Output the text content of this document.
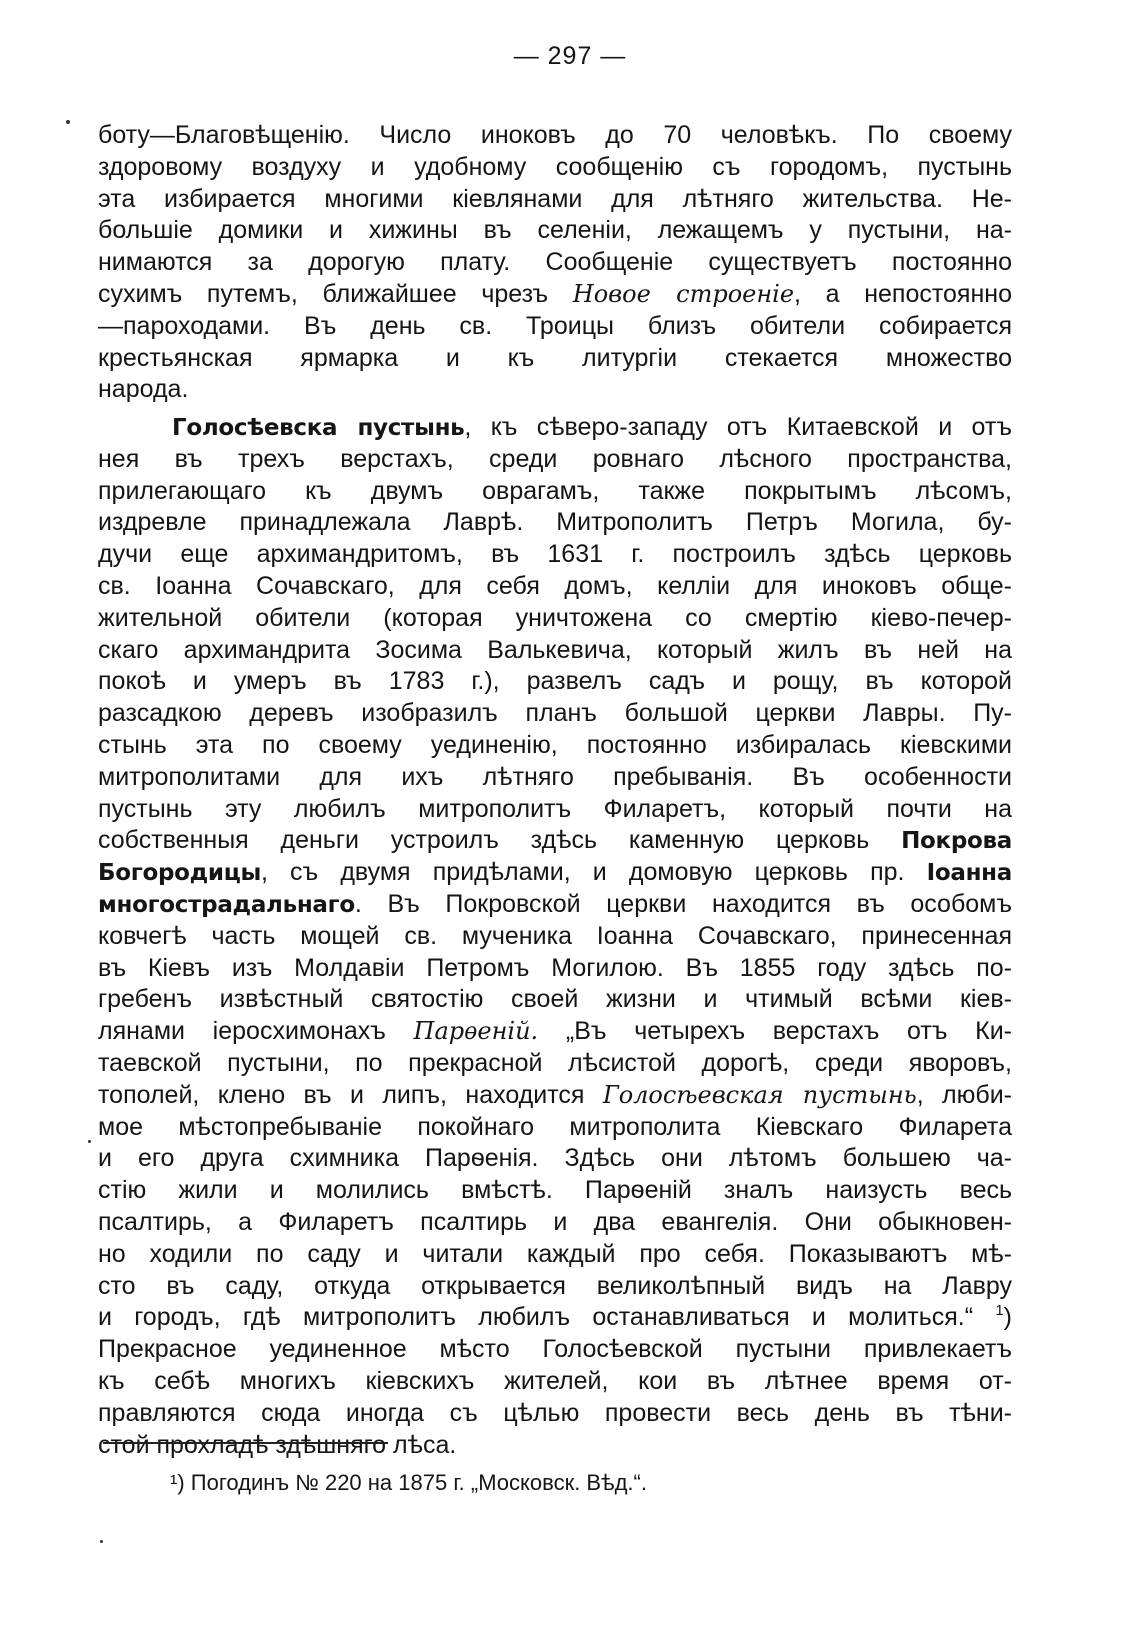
— 297 —
боту—Благовѣщенію. Число иноковъ до 70 человѣкъ. По своему
здоровому воздуху и удобному сообщенію съ городомъ, пустынь
эта избирается многими кіевлянами для лѣтняго жительства. Не-
большіе домики и хижины въ селеніи, лежащемъ у пустыни, на-
нимаются за дорогую плату. Сообщеніе существуетъ постоянно
сухимъ путемъ, ближайшее чрезъ Новое строеніе, а непостоянно
—пароходами. Въ день св. Троицы близъ обители собирается
крестьянская ярмарка и къ литургіи стекается множество
народа.
Голосѣевска пустынь, къ сѣверо-западу отъ Китаевской и отъ
нея въ трехъ верстахъ, среди ровнаго лѣсного пространства,
прилегающаго къ двумъ оврагамъ, также покрытымъ лѣсомъ,
издревле принадлежала Лаврѣ. Митрополитъ Петръ Могила, бу-
дучи еще архимандритомъ, въ 1631 г. построилъ здѣсь церковь
св. Іоанна Сочавскаго, для себя домъ, келліи для иноковъ обще-
жительной обители (которая уничтожена со смертію кіево-печер-
скаго архимандрита Зосима Валькевича, который жилъ въ ней на
покоѣ и умеръ въ 1783 г.), развелъ садъ и рощу, въ которой
разсадкою деревъ изобразилъ планъ большой церкви Лавры. Пу-
стынь эта по своему уединенію, постоянно избиралась кіевскими
митрополитами для ихъ лѣтняго пребыванія. Въ особенности
пустынь эту любилъ митрополитъ Филаретъ, который почти на
собственныя деньги устроилъ здѣсь каменную церковь Покрова
Богородицы, съ двумя придѣлами, и домовую церковь пр. Іоанна
многострадальнаго. Въ Покровской церкви находится въ особомъ
ковчегѣ часть мощей св. мученика Іоанна Сочавскаго, принесенная
въ Кіевъ изъ Молдавіи Петромъ Могилою. Въ 1855 году здѣсь по-
гребенъ извѣстный святостію своей жизни и чтимый всѣми кіев-
лянами іеросхимонахъ Парѳеній. „Въ четырехъ верстахъ отъ Ки-
таевской пустыни, по прекрасной лѣсистой дорогѣ, среди яворовъ,
тополей, клено въ и липъ, находится Голосѣевская пустынь, люби-
мое мѣстопребываніе покойнаго митрополита Кіевскаго Филарета
и его друга схимника Парѳенія. Здѣсь они лѣтомъ большею ча-
стію жили и молились вмѣстѣ. Парѳеній зналъ наизусть весь
псалтирь, а Филаретъ псалтирь и два евангелія. Они обыкновен-
но ходили по саду и читали каждый про себя. Показываютъ мѣ-
сто въ саду, откуда открывается великолѣпный видъ на Лавру
и городъ, гдѣ митрополитъ любилъ останавливаться и молиться.“ $^1$)
Прекрасное уединенное мѣсто Голосѣевской пустыни привлекаетъ
къ себѣ многихъ кіевскихъ жителей, кои въ лѣтнее время от-
правляются сюда иногда съ цѣлью провести весь день въ тѣни-
стой прохладѣ здѣшняго лѣса.
¹) Погодинъ № 220 на 1875 г. „Московск. Вѣд.“.
